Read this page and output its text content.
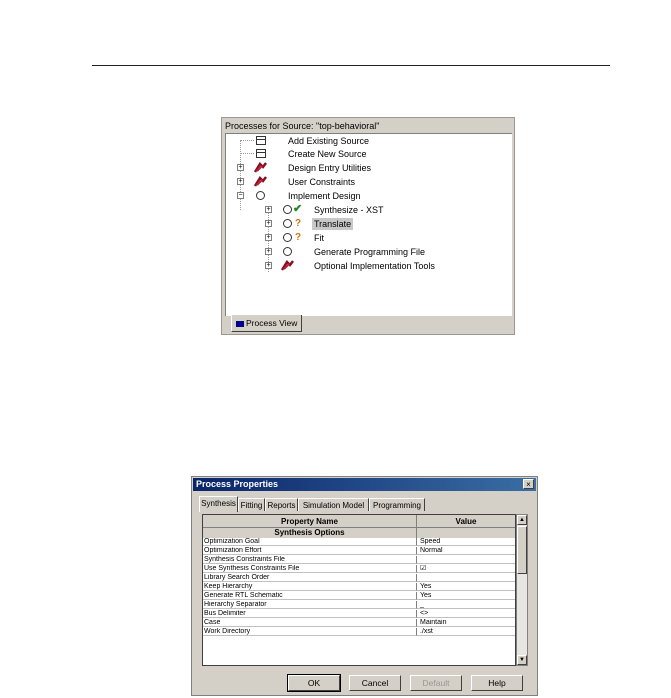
Processes for Source: "top-behavioral"
Add Existing Source
Create New Source
+	Design Entry Utilities
+	User Constraints
−	Implement Design
+ ✔ Synthesize - XST
+ ? Translate
+ ? Fit
+	Generate Programming File
+	Optional Implementation Tools
Process View
Process Properties	×
Synthesis Fitting Reports Simulation Model	Programming
Property Name	Value
Synthesis Options
Optimization Goal	Speed
Optimization Effort	Normal
Synthesis Constraints File
Use Synthesis Constraints File	☑
Library Search Order
Keep Hierarchy	Yes
Generate RTL Schematic	Yes
Hierarchy Separator	_
Bus Delimiter	<>
Case	Maintain
Work Directory	./xst
▲
▼
OK	Cancel	Default	Help
